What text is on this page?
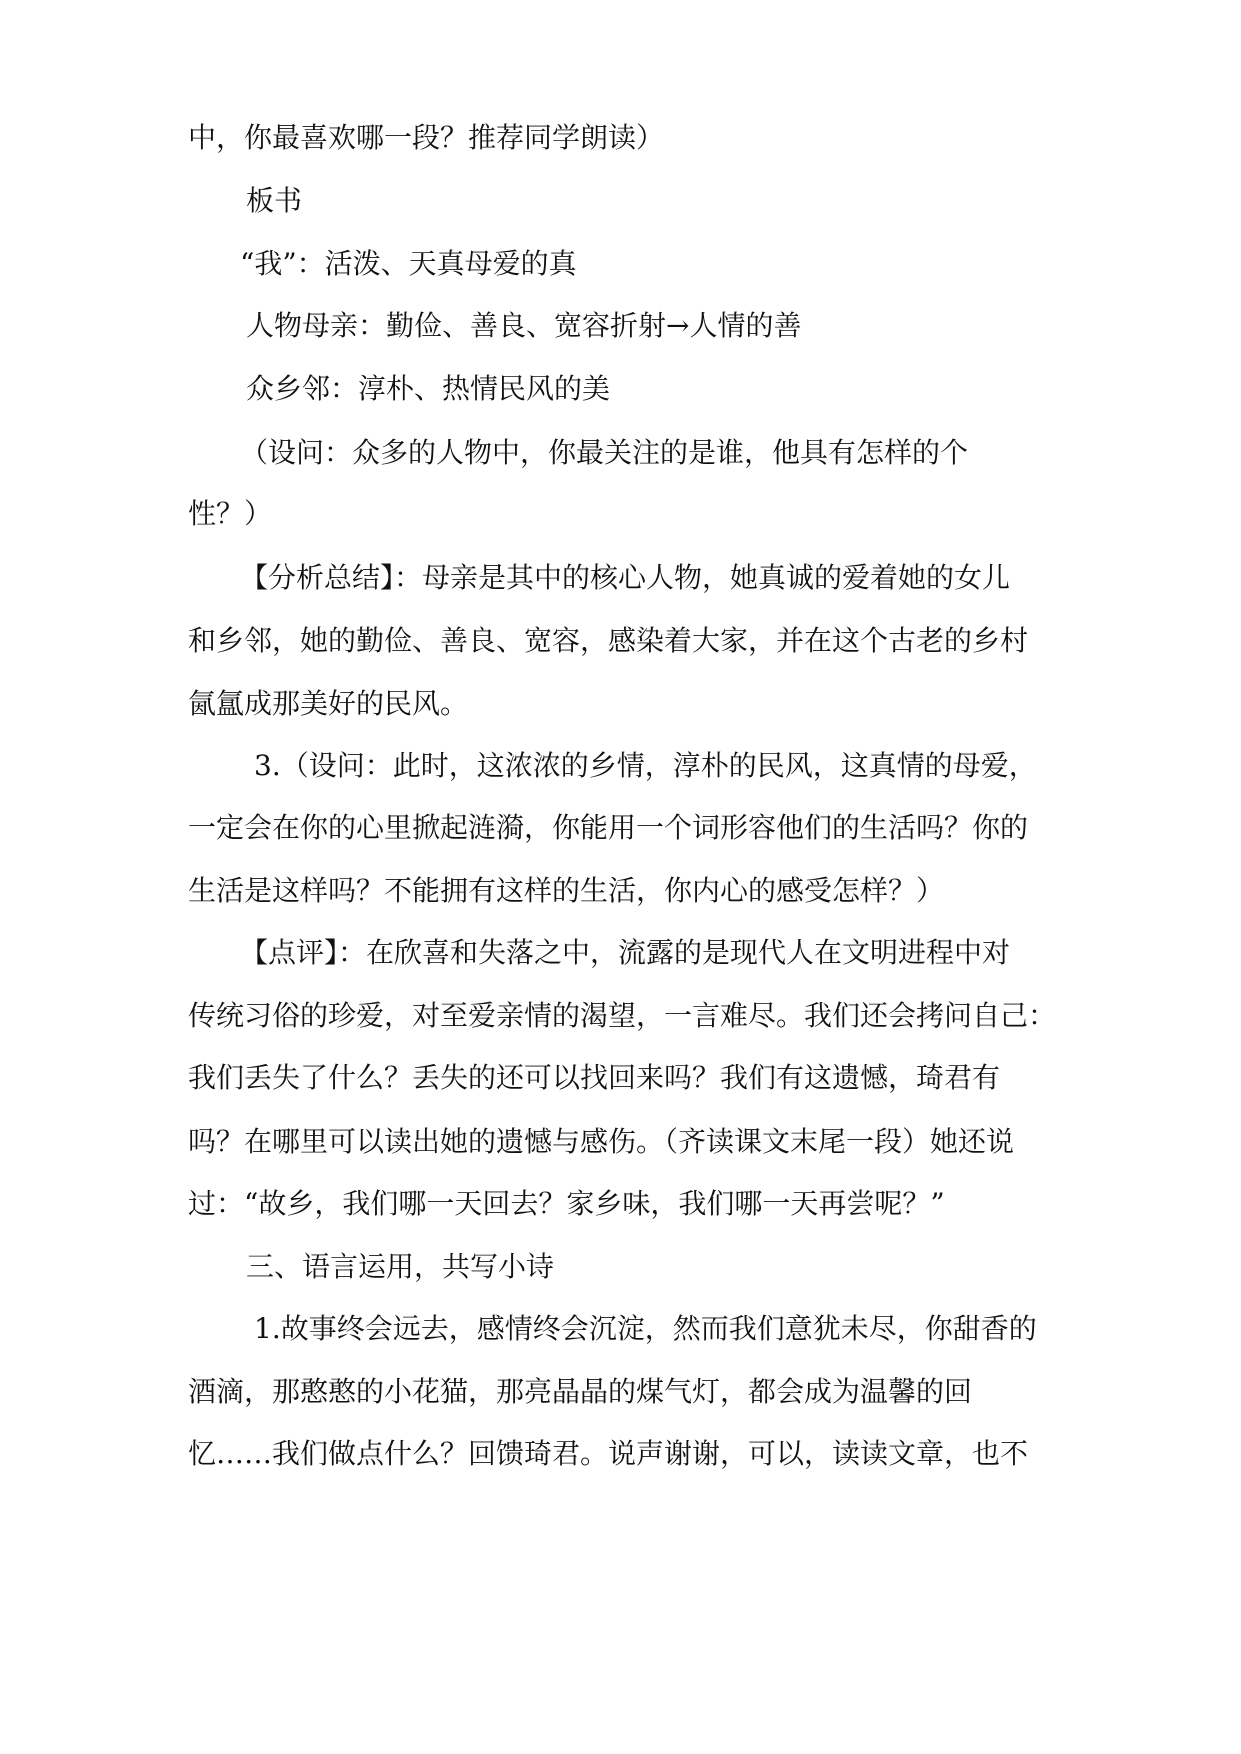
中，你最喜欢哪一段？推荐同学朗读）
板书
“我”：活泼、天真母爱的真
人物母亲：勤俭、善良、宽容折射→人情的善
众乡邻：淳朴、热情民风的美
（设问：众多的人物中，你最关注的是谁，他具有怎样的个
性？）
【分析总结】：母亲是其中的核心人物，她真诚的爱着她的女儿
和乡邻，她的勤俭、善良、宽容，感染着大家，并在这个古老的乡村
氤氲成那美好的民风。
3.（设问：此时，这浓浓的乡情，淳朴的民风，这真情的母爱，
一定会在你的心里掀起涟漪，你能用一个词形容他们的生活吗？你的
生活是这样吗？不能拥有这样的生活，你内心的感受怎样？）
【点评】：在欣喜和失落之中，流露的是现代人在文明进程中对
传统习俗的珍爱，对至爱亲情的渴望，一言难尽。我们还会拷问自己：
我们丢失了什么？丢失的还可以找回来吗？我们有这遗憾，琦君有
吗？在哪里可以读出她的遗憾与感伤。（齐读课文末尾一段）她还说
过：“故乡，我们哪一天回去？家乡味，我们哪一天再尝呢？”
三、语言运用，共写小诗
1.故事终会远去，感情终会沉淀，然而我们意犹未尽，你甜香的
酒滴，那憨憨的小花猫，那亮晶晶的煤气灯，都会成为温馨的回
忆……我们做点什么？回馈琦君。说声谢谢，可以，读读文章，也不
